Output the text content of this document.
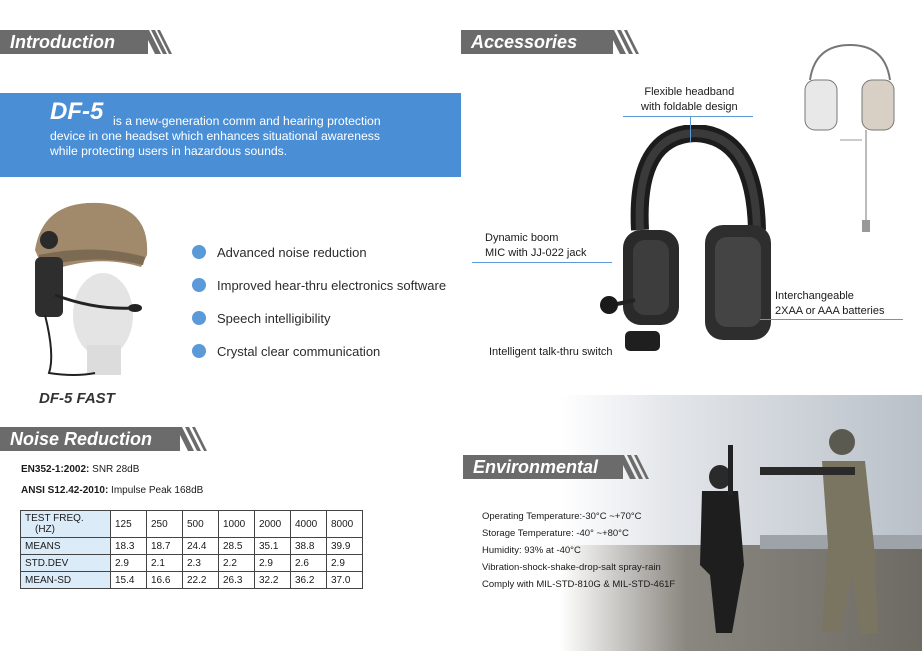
Introduction
DF-5 is a new-generation comm and hearing protection
device in one headset which enhances situational awareness
while protecting users in hazardous sounds.
DF-5 FAST
Advanced noise reduction
Improved hear-thru electronics software
Speech intelligibility
Crystal clear communication
Noise Reduction
EN352-1:2002: SNR 28dB
ANSI S12.42-2010: Impulse Peak 168dB
TEST FREQ.
(HZ)	125	250	500	1000	2000	4000	8000
MEANS	18.3	18.7	24.4	28.5	35.1	38.8	39.9
STD.DEV	2.9	2.1	2.3	2.2	2.9	2.6	2.9
MEAN-SD	15.4	16.6	22.2	26.3	32.2	36.2	37.0
Accessories
Flexible headband
with foldable design
Dynamic boom
MIC with JJ-022 jack
Interchangeable
2XAA or AAA batteries
Intelligent talk-thru switch
Environmental
Operating Temperature:-30°C ~+70°C
Storage Temperature: -40° ~+80°C
Humidity: 93% at -40°C
Vibration-shock-shake-drop-salt spray-rain
Comply with MIL-STD-810G & MIL-STD-461F
